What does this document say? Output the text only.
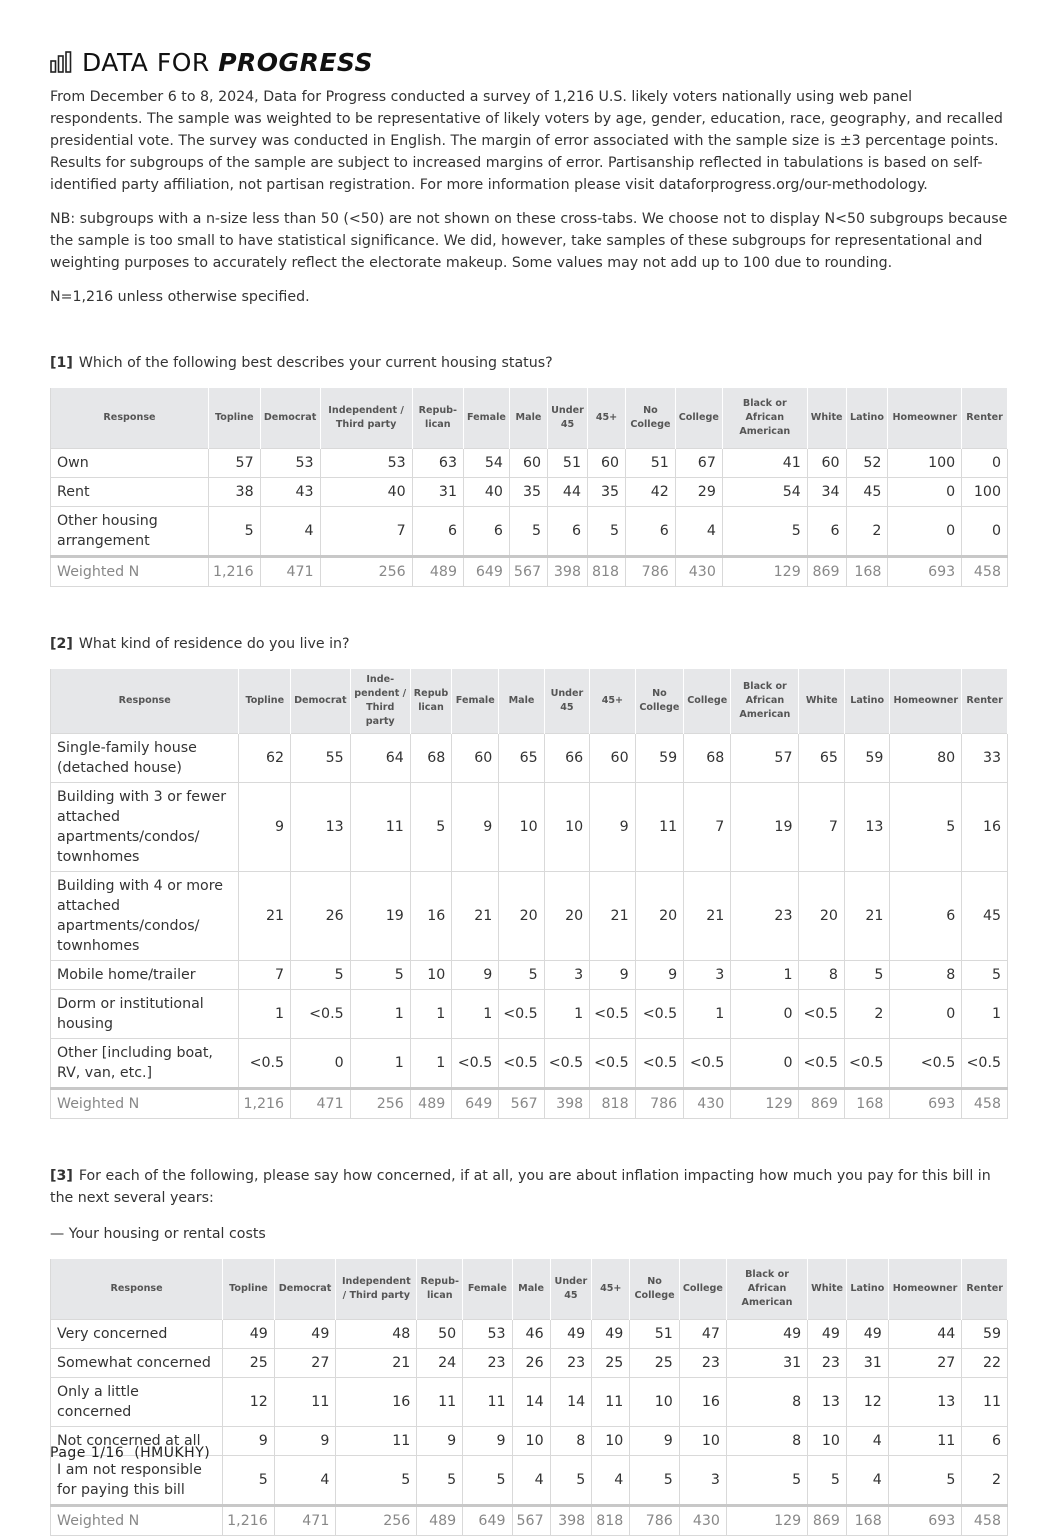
DATA FOR PROGRESS

From December 6 to 8, 2024, Data for Progress conducted a survey of 1,216 U.S. likely voters nationally using web panel respondents. The sample was weighted to be representative of likely voters by age, gender, education, race, geography, and recalled presidential vote. The survey was conducted in English. The margin of error associated with the sample size is ±3 percentage points. Results for subgroups of the sample are subject to increased margins of error. Partisanship reflected in tabulations is based on self-identified party affiliation, not partisan registration. For more information please visit dataforprogress.org/our-methodology.

NB: subgroups with a n-size less than 50 (<50) are not shown on these cross-tabs. We choose not to display N<50 subgroups because the sample is too small to have statistical significance. We did, however, take samples of these subgroups for representational and weighting purposes to accurately reflect the electorate makeup. Some values may not add up to 100 due to rounding.

N=1,216 unless otherwise specified.

[1] Which of the following best describes your current housing status?
Response	Topline	Democrat	Independent / Third party	Repub- lican	Female	Male	Under 45	45+	No College	College	Black or African American	White	Latino	Homeowner	Renter
Own	57	53	53	63	54	60	51	60	51	67	41	60	52	100	0
Rent	38	43	40	31	40	35	44	35	42	29	54	34	45	0	100
Other housing arrangement	5	4	7	6	6	5	6	5	6	4	5	6	2	0	0
Weighted N	1,216	471	256	489	649	567	398	818	786	430	129	869	168	693	458
[2] What kind of residence do you live in?
Response	Topline	Democrat	Inde- pendent / Third party	Repub lican	Female	Male	Under 45	45+	No College	College	Black or African American	White	Latino	Homeowner	Renter
Single-family house (detached house)	62	55	64	68	60	65	66	60	59	68	57	65	59	80	33
Building with 3 or fewer attached apartments/condos/ townhomes	9	13	11	5	9	10	10	9	11	7	19	7	13	5	16
Building with 4 or more attached apartments/condos/ townhomes	21	26	19	16	21	20	20	21	20	21	23	20	21	6	45
Mobile home/trailer	7	5	5	10	9	5	3	9	9	3	1	8	5	8	5
Dorm or institutional housing	1	<0.5	1	1	1	<0.5	1	<0.5	<0.5	1	0	<0.5	2	0	1
Other [including boat, RV, van, etc.]	<0.5	0	1	1	<0.5	<0.5	<0.5	<0.5	<0.5	<0.5	0	<0.5	<0.5	<0.5	<0.5
Weighted N	1,216	471	256	489	649	567	398	818	786	430	129	869	168	693	458
[3] For each of the following, please say how concerned, if at all, you are about inflation impacting how much you pay for this bill in the next several years:
— Your housing or rental costs
Response	Topline	Democrat	Independent / Third party	Repub- lican	Female	Male	Under 45	45+	No College	College	Black or African American	White	Latino	Homeowner	Renter
Very concerned	49	49	48	50	53	46	49	49	51	47	49	49	49	44	59
Somewhat concerned	25	27	21	24	23	26	23	25	25	23	31	23	31	27	22
Only a little concerned	12	11	16	11	11	14	14	11	10	16	8	13	12	13	11
Not concerned at all	9	9	11	9	9	10	8	10	9	10	8	10	4	11	6
I am not responsible for paying this bill	5	4	5	5	5	4	5	4	5	3	5	5	4	5	2
Weighted N	1,216	471	256	489	649	567	398	818	786	430	129	869	168	693	458
Page 1/16 (HMUKHY)
